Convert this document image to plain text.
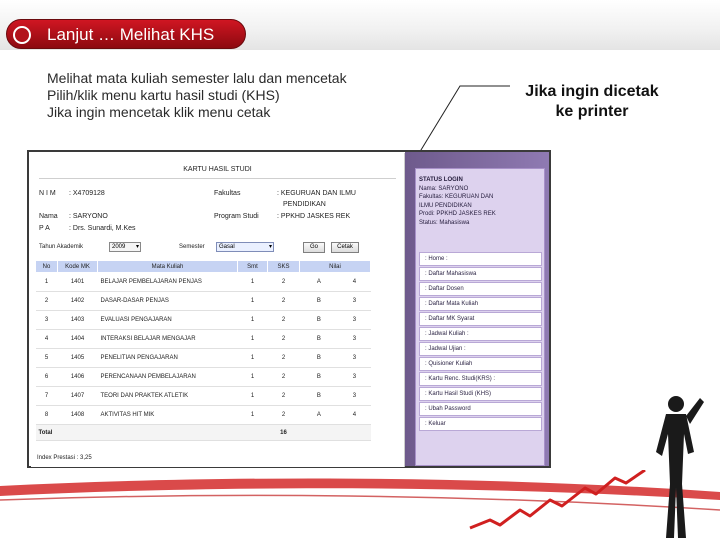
Lanjut … Melihat KHS
Melihat mata kuliah semester lalu dan mencetak
Pilih/klik menu kartu hasil studi (KHS)
Jika ingin mencetak klik menu cetak
Jika ingin dicetak
ke printer
KARTU HASIL STUDI
N I M : X4709128
Nama : SARYONO
P A	: Drs. Sunardi, M.Kes
Fakultas	: KEGURUAN DAN ILMU
PENDIDIKAN
Program Studi	: PPKHD JASKES REK
Tahun Akademik	2009 ▾	Semester	Gasal	▾	Go	Cetak
No	Kode MK	Mata Kuliah	Smt	SKS	Nilai	
1	1401	BELAJAR PEMBELAJARAN PENJAS	1	2	A	4
2	1402	DASAR-DASAR PENJAS	1	2	B	3
3	1403	EVALUASI PENGAJARAN	1	2	B	3
4	1404	INTERAKSI BELAJAR MENGAJAR	1	2	B	3
5	1405	PENELITIAN PENGAJARAN	1	2	B	3
6	1406	PERENCANAAN PEMBELAJARAN	1	2	B	3
7	1407	TEORI DAN PRAKTEK ATLETIK	1	2	B	3
8	1408	AKTIVITAS HIT MIK	1	2	A	4
Total				16		
Index Prestasi : 3,25
STATUS LOGIN
Nama: SARYONO
Fakultas: KEGURUAN DAN
ILMU PENDIDIKAN
Prodi: PPKHD JASKES REK
Status: Mahasiswa
: Home :
: Daftar Mahasiswa
: Daftar Dosen
: Daftar Mata Kuliah
: Daftar MK Syarat
: Jadwal Kuliah :
: Jadwal Ujian :
: Quisioner Kuliah
: Kartu Renc. Studi(KRS) :
: Kartu Hasil Studi (KHS)
: Ubah Password
: Keluar
